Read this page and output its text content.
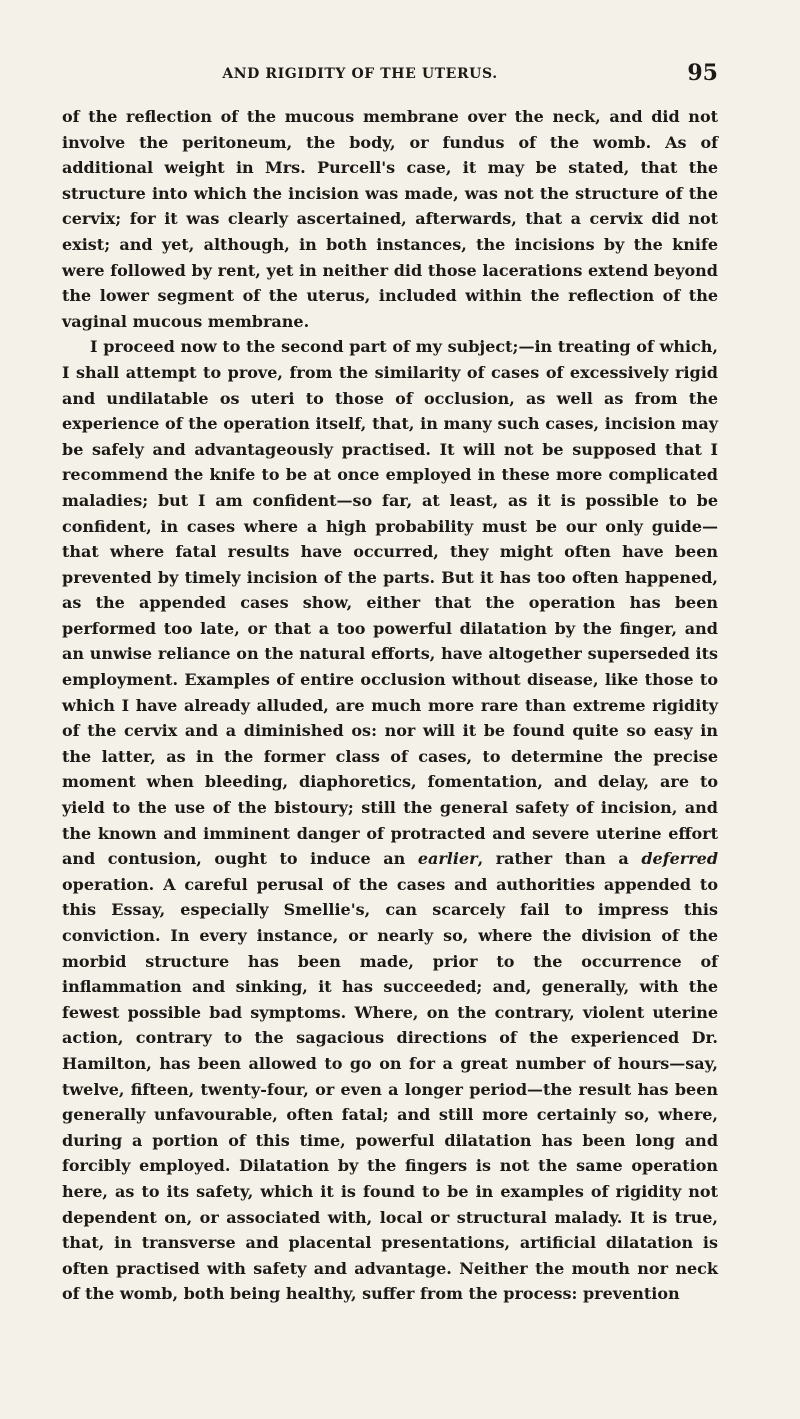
AND RIGIDITY OF THE UTERUS.	95

of the reflection of the mucous membrane over the neck, and did not involve the peritoneum, the body, or fundus of the womb. As of additional weight in Mrs. Purcell's case, it may be stated, that the structure into which the incision was made, was not the structure of the cervix; for it was clearly ascertained, afterwards, that a cervix did not exist; and yet, although, in both instances, the incisions by the knife were followed by rent, yet in neither did those lacerations extend beyond the lower segment of the uterus, included within the reflection of the vaginal mucous membrane.

I proceed now to the second part of my subject;—in treating of which, I shall attempt to prove, from the similarity of cases of excessively rigid and undilatable os uteri to those of occlusion, as well as from the experience of the operation itself, that, in many such cases, incision may be safely and advantageously practised. It will not be supposed that I recommend the knife to be at once employed in these more complicated maladies; but I am confident—so far, at least, as it is possible to be confident, in cases where a high probability must be our only guide—that where fatal results have occurred, they might often have been prevented by timely incision of the parts. But it has too often happened, as the appended cases show, either that the operation has been performed too late, or that a too powerful dilatation by the finger, and an unwise reliance on the natural efforts, have altogether superseded its employment. Examples of entire occlusion without disease, like those to which I have already alluded, are much more rare than extreme rigidity of the cervix and a diminished os: nor will it be found quite so easy in the latter, as in the former class of cases, to determine the precise moment when bleeding, diaphoretics, fomentation, and delay, are to yield to the use of the bistoury; still the general safety of incision, and the known and imminent danger of protracted and severe uterine effort and contusion, ought to induce an earlier, rather than a deferred operation. A careful perusal of the cases and authorities appended to this Essay, especially Smellie's, can scarcely fail to impress this conviction. In every instance, or nearly so, where the division of the morbid structure has been made, prior to the occurrence of inflammation and sinking, it has succeeded; and, generally, with the fewest possible bad symptoms. Where, on the contrary, violent uterine action, contrary to the sagacious directions of the experienced Dr. Hamilton, has been allowed to go on for a great number of hours—say, twelve, fifteen, twenty-four, or even a longer period—the result has been generally unfavourable, often fatal; and still more certainly so, where, during a portion of this time, powerful dilatation has been long and forcibly employed. Dilatation by the fingers is not the same operation here, as to its safety, which it is found to be in examples of rigidity not dependent on, or associated with, local or structural malady. It is true, that, in transverse and placental presentations, artificial dilatation is often practised with safety and advantage. Neither the mouth nor neck of the womb, both being healthy, suffer from the process: prevention
